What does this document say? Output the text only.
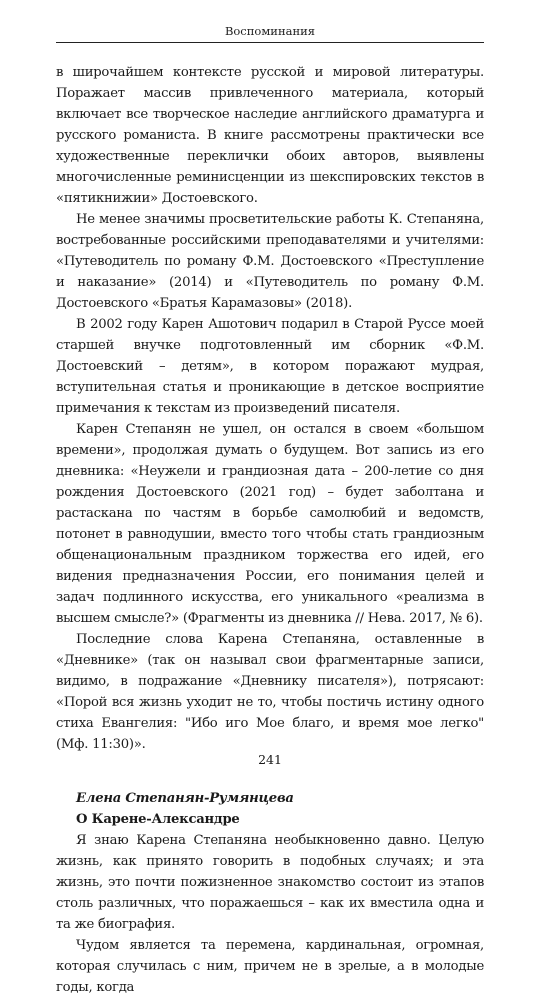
Воспоминания

в широчайшем контексте русской и мировой литературы. Поражает массив привлеченного материала, который включает все творческое наследие английского драматурга и русского романиста. В книге рассмотрены практически все художественные переклички обоих авторов, выявлены многочисленные реминисценции из шекспировских текстов в «пятикнижии» Достоевского.

Не менее значимы просветительские работы К. Степаняна, востребованные российскими преподавателями и учителями: «Путеводитель по роману Ф.М. Достоевского «Преступление и наказание» (2014) и «Путеводитель по роману Ф.М. Достоевского «Братья Карамазовы» (2018).

В 2002 году Карен Ашотович подарил в Старой Руссе моей старшей внучке подготовленный им сборник «Ф.М. Достоевский – детям», в котором поражают мудрая, вступительная статья и проникающие в детское восприятие примечания к текстам из произведений писателя.

Карен Степанян не ушел, он остался в своем «большом времени», продолжая думать о будущем. Вот запись из его дневника: «Неужели и грандиозная дата – 200-летие со дня рождения Достоевского (2021 год) – будет заболтана и растаскана по частям в борьбе самолюбий и ведомств, потонет в равнодушии, вместо того чтобы стать грандиозным общенациональным праздником торжества его идей, его видения предназначения России, его понимания целей и задач подлинного искусства, его уникального «реализма в высшем смысле?» (Фрагменты из дневника // Нева. 2017, № 6).

Последние слова Карена Степаняна, оставленные в «Дневнике» (так он называл свои фрагментарные записи, видимо, в подражание «Дневнику писателя»), потрясают: «Порой вся жизнь уходит не то, чтобы постичь истину одного стиха Евангелия: "Ибо иго Мое благо, и время мое легко" (Мф. 11:30)».

Елена Степанян-Румянцева

О Карене-Александре

Я знаю Карена Степаняна необыкновенно давно. Целую жизнь, как принято говорить в подобных случаях; и эта жизнь, это почти пожизненное знакомство состоит из этапов столь различных, что поражаешься – как их вместила одна и та же биография.

Чудом является та перемена, кардинальная, огромная, которая случилась с ним, причем не в зрелые, а в молодые годы, когда

241
